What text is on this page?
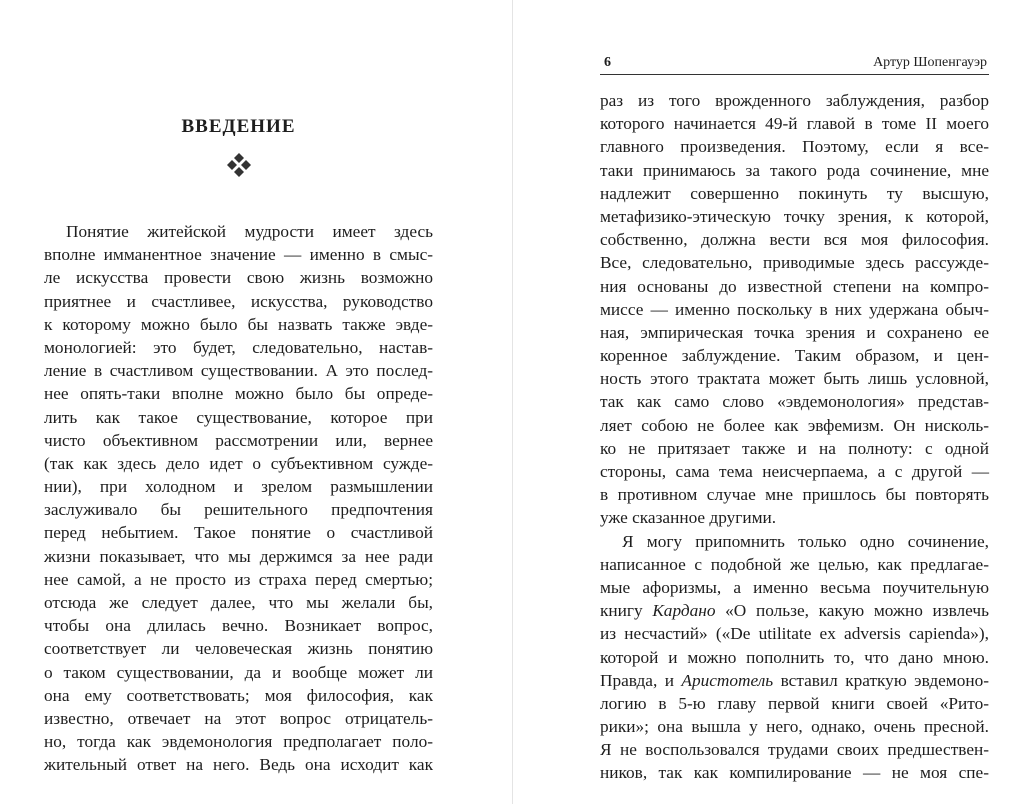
ВВЕДЕНИЕ
Понятие житейской мудрости имеет здесь
вполне имманентное значение — именно в смыс-
ле искусства провести свою жизнь возможно
приятнее и счастливее, искусства, руководство
к которому можно было бы назвать также эвде-
монологией: это будет, следовательно, настав-
ление в счастливом существовании. А это послед-
нее опять-таки вполне можно было бы опреде-
лить как такое существование, которое при
чисто объективном рассмотрении или, вернее
(так как здесь дело идет о субъективном сужде-
нии), при холодном и зрелом размышлении
заслуживало бы решительного предпочтения
перед небытием. Такое понятие о счастливой
жизни показывает, что мы держимся за нее ради
нее самой, а не просто из страха перед смертью;
отсюда же следует далее, что мы желали бы,
чтобы она длилась вечно. Возникает вопрос,
соответствует ли человеческая жизнь понятию
о таком существовании, да и вообще может ли
она ему соответствовать; моя философия, как
известно, отвечает на этот вопрос отрицатель-
но, тогда как эвдемонология предполагает поло-
жительный ответ на него. Ведь она исходит как
6	Артур Шопенгауэр
раз из того врожденного заблуждения, разбор
которого начинается 49-й главой в томе II моего
главного произведения. Поэтому, если я все-
таки принимаюсь за такого рода сочинение, мне
надлежит совершенно покинуть ту высшую,
метафизико-этическую точку зрения, к которой,
собственно, должна вести вся моя философия.
Все, следовательно, приводимые здесь рассужде-
ния основаны до известной степени на компро-
миссе — именно поскольку в них удержана обыч-
ная, эмпирическая точка зрения и сохранено ее
коренное заблуждение. Таким образом, и цен-
ность этого трактата может быть лишь условной,
так как само слово «эвдемонология» представ-
ляет собою не более как эвфемизм. Он нисколь-
ко не притязает также и на полноту: с одной
стороны, сама тема неисчерпаема, а с другой —
в противном случае мне пришлось бы повторять
уже сказанное другими.
Я могу припомнить только одно сочинение,
написанное с подобной же целью, как предлагае-
мые афоризмы, а именно весьма поучительную
книгу Кардано «О пользе, какую можно извлечь
из несчастий» («De utilitate ex adversis capienda»),
которой и можно пополнить то, что дано мною.
Правда, и Аристотель вставил краткую эвдемоно-
логию в 5-ю главу первой книги своей «Рито-
рики»; она вышла у него, однако, очень пресной.
Я не воспользовался трудами своих предшествен-
ников, так как компилирование — не моя спе-
